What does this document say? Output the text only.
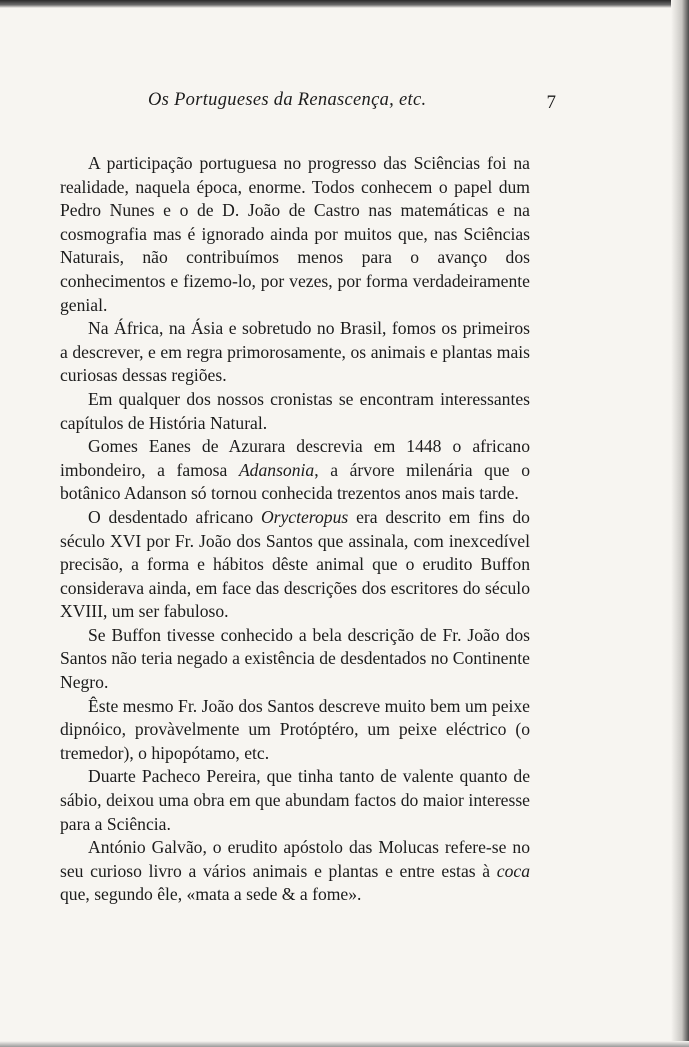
Os Portugueses da Renascença, etc.	7

A participação portuguesa no progresso das Sciências foi na realidade, naquela época, enorme. Todos conhecem o papel dum Pedro Nunes e o de D. João de Castro nas matemáticas e na cosmografia mas é ignorado ainda por muitos que, nas Sciências Naturais, não contribuímos menos para o avanço dos conhecimentos e fizemo-lo, por vezes, por forma verdadeiramente genial.

Na África, na Ásia e sobretudo no Brasil, fomos os primeiros a descrever, e em regra primorosamente, os animais e plantas mais curiosas dessas regiões.

Em qualquer dos nossos cronistas se encontram interessantes capítulos de História Natural.

Gomes Eanes de Azurara descrevia em 1448 o africano imbondeiro, a famosa Adansonia, a árvore milenária que o botânico Adanson só tornou conhecida trezentos anos mais tarde.

O desdentado africano Orycteropus era descrito em fins do século XVI por Fr. João dos Santos que assinala, com inexcedível precisão, a forma e hábitos dêste animal que o erudito Buffon considerava ainda, em face das descrições dos escritores do século XVIII, um ser fabuloso.

Se Buffon tivesse conhecido a bela descrição de Fr. João dos Santos não teria negado a existência de desdentados no Continente Negro.

Êste mesmo Fr. João dos Santos descreve muito bem um peixe dipnóico, provàvelmente um Protóptéro, um peixe eléctrico (o tremedor), o hipopótamo, etc.

Duarte Pacheco Pereira, que tinha tanto de valente quanto de sábio, deixou uma obra em que abundam factos do maior interesse para a Sciência.

António Galvão, o erudito apóstolo das Molucas refere-se no seu curioso livro a vários animais e plantas e entre estas à coca que, segundo êle, «mata a sede & a fome».
